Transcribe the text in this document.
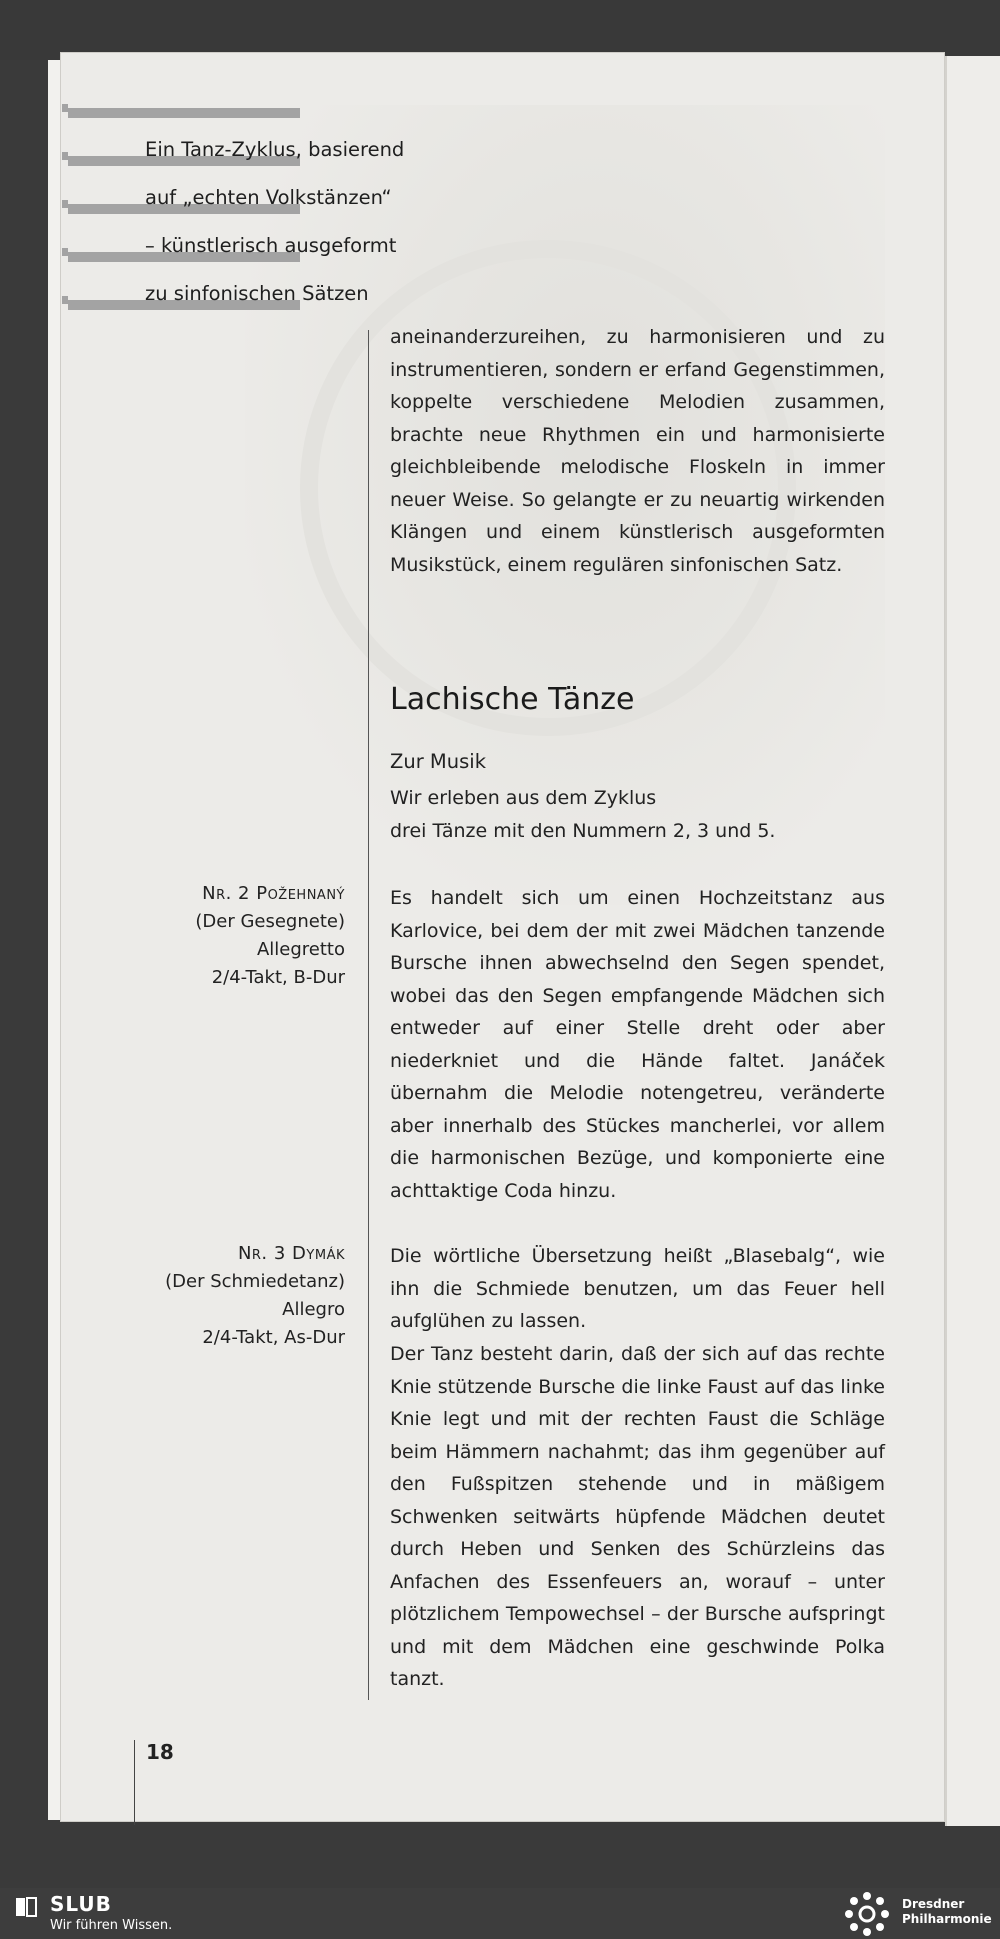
Ein Tanz-Zyklus, basierend
auf „echten Volkstänzen“
– künstlerisch ausgeformt
zu sinfonischen Sätzen
aneinanderzureihen, zu harmonisieren und zu instrumentieren, sondern er erfand Gegenstimmen, koppelte verschiedene Melodien zusammen, brachte neue Rhythmen ein und harmonisierte gleichbleibende melodische Floskeln in immer neuer Weise. So gelangte er zu neuartig wirkenden Klängen und einem künstlerisch ausgeformten Musikstück, einem regulären sinfonischen Satz.
Lachische Tänze
Zur Musik
Wir erleben aus dem Zyklus
drei Tänze mit den Nummern 2, 3 und 5.
Es handelt sich um einen Hochzeitstanz aus Karlovice, bei dem der mit zwei Mädchen tanzende Bursche ihnen abwechselnd den Segen spendet, wobei das den Segen empfangende Mädchen sich entweder auf einer Stelle dreht oder aber niederkniet und die Hände faltet. Janáček übernahm die Melodie notengetreu, veränderte aber innerhalb des Stückes mancherlei, vor allem die harmonischen Bezüge, und komponierte eine achttaktige Coda hinzu.
Die wörtliche Übersetzung heißt „Blasebalg“, wie ihn die Schmiede benutzen, um das Feuer hell aufglühen zu lassen.
Der Tanz besteht darin, daß der sich auf das rechte Knie stützende Bursche die linke Faust auf das linke Knie legt und mit der rechten Faust die Schläge beim Hämmern nachahmt; das ihm gegenüber auf den Fußspitzen stehende und in mäßigem Schwenken seitwärts hüpfende Mädchen deutet durch Heben und Senken des Schürzleins das Anfachen des Essenfeuers an, worauf – unter plötzlichem Tempowechsel – der Bursche aufspringt und mit dem Mädchen eine geschwinde Polka tanzt.
Nr. 2 Požehnaný
(Der Gesegnete)
Allegretto
2/4-Takt, B-Dur
Nr. 3 Dymák
(Der Schmiedetanz)
Allegro
2/4-Takt, As-Dur
18
SLUB
Wir führen Wissen.
Dresdner
Philharmonie
